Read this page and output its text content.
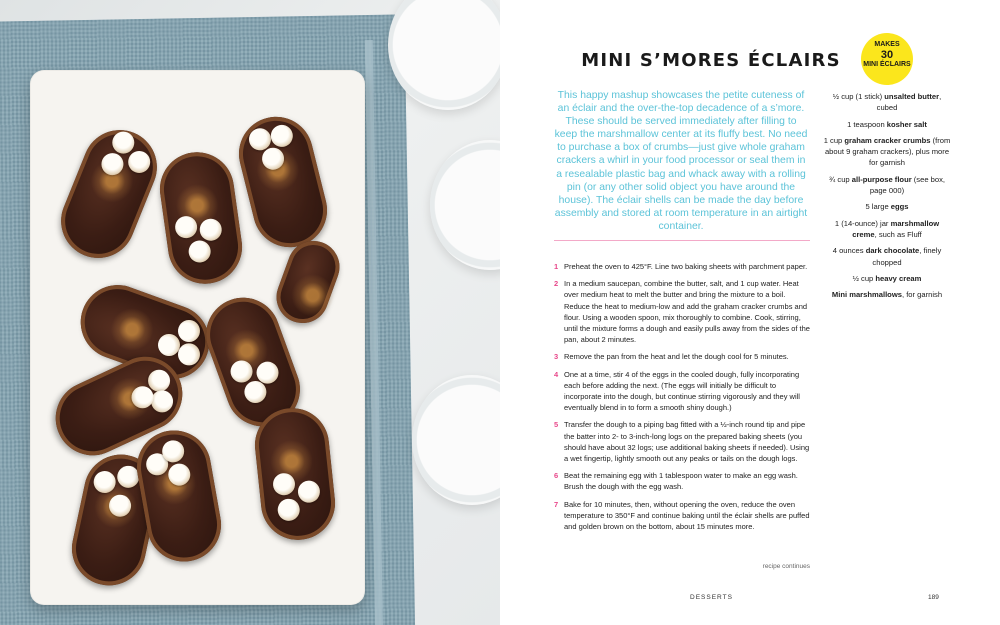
MINI S’MORES ÉCLAIRS
This happy mashup showcases the petite cuteness of an éclair and the over-the-top decadence of a s’more. These should be served immediately after filling to keep the marshmallow center at its fluffy best. No need to purchase a box of crumbs—just give whole graham crackers a whirl in your food processor or seal them in a resealable plastic bag and whack away with a rolling pin (or any other solid object you have around the house). The éclair shells can be made the day before assembly and stored at room temperature in an airtight container.
MAKES
30
MINI ÉCLAIRS
½ cup (1 stick) unsalted butter, cubed
1 teaspoon kosher salt
1 cup graham cracker crumbs (from about 9 graham crackers), plus more for garnish
¾ cup all-purpose flour (see box, page 000)
5 large eggs
1 (14-ounce) jar marshmallow creme, such as Fluff
4 ounces dark chocolate, finely chopped
½ cup heavy cream
Mini marshmallows, for garnish
1 Preheat the oven to 425°F. Line two baking sheets with parchment paper.
2 In a medium saucepan, combine the butter, salt, and 1 cup water. Heat over medium heat to melt the butter and bring the mixture to a boil. Reduce the heat to medium-low and add the graham cracker crumbs and flour. Using a wooden spoon, mix thoroughly to combine. Cook, stirring, until the mixture forms a dough and easily pulls away from the sides of the pan, about 2 minutes.
3 Remove the pan from the heat and let the dough cool for 5 minutes.
4 One at a time, stir 4 of the eggs in the cooled dough, fully incorporating each before adding the next. (The eggs will initially be difficult to incorporate into the dough, but continue stirring vigorously and they will eventually blend in to form a smooth shiny dough.)
5 Transfer the dough to a piping bag fitted with a ½-inch round tip and pipe the batter into 2- to 3-inch-long logs on the prepared baking sheets (you should have about 32 logs; use additional baking sheets if needed). Using a wet fingertip, lightly smooth out any peaks or tails on the dough logs.
6 Beat the remaining egg with 1 tablespoon water to make an egg wash. Brush the dough with the egg wash.
7 Bake for 10 minutes, then, without opening the oven, reduce the oven temperature to 350°F and continue baking until the éclair shells are puffed and golden brown on the bottom, about 15 minutes more.
recipe continues
DESSERTS	189
